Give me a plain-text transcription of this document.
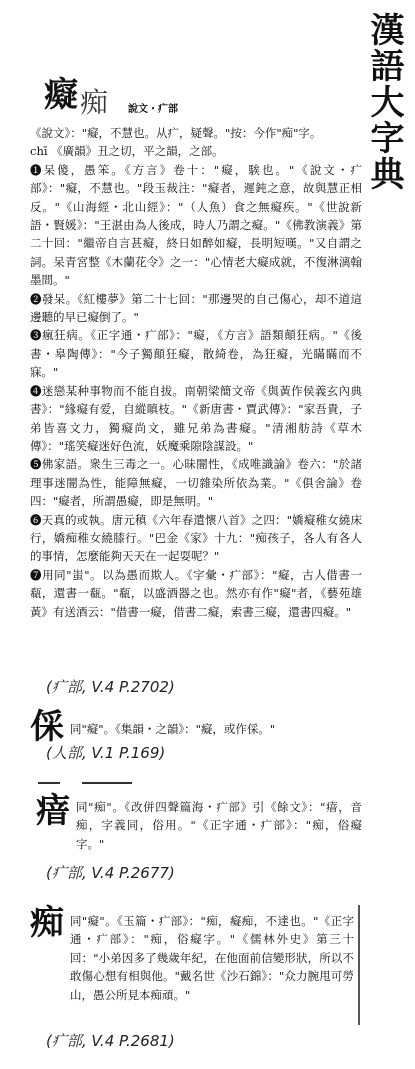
漢語大字典
癡 痴 說文・疒部
《說文》："癡，不慧也。从疒，疑聲。"按：今作"痴"字。
chī 《廣韻》丑之切，平之韻，之部。
❶呆傻，愚笨。《方言》卷十："癡，騃也。"《說文・疒部》："癡，不慧也。"段玉裁注："癡者，遲鈍之意，故與慧正相反。"《山海經・北山經》："（人魚）食之無癡疾。"《世說新語・賢媛》："王湛由為人後成，時人乃謂之癡。"《佛教演義》第二十回："繼帝自言甚癡，終日如醉如癡，長明短嘆。"又自謂之詞。呆青宮整《木蘭花令》之一："心情老大癡成就，不復淋漓翰墨間。"
❷發呆。《紅樓夢》第二十七回："那邊哭的自己傷心，却不道這邊聽的早已癡倒了。"
❸瘋狂病。《正字通・疒部》："癡，《方言》語類顛狂病。"《後書・皋陶傳》："今子獨顛狂癡，散綺卷，為狂癡，光瞞瞞而不寐。"
❹迷戀某种事物而不能自拔。南朝梁簡文帝《與黃作侯義玄內典書》："緣癡有爱，自縱瞋枝。"《新唐書・賈武傳》："家吾貴，子弟皆喜文力，獨癡尚文，雖兄弟為書癡。"清湘舫詩《草木傳》："瑤笑癡迷好色流，妖魔乘隙陰謀設。"
❺佛家語。衆生三毒之一。心昧闇性，《成唯識論》卷六："於諸理事迷闇為性，能障無癡，一切雜染所依為業。"《俱舍論》卷四："癡者，所謂愚癡，即是無明。"
❻天真的或執。唐元稹《六年春遣懷八首》之四："嬌癡稚女繞床行，嬌痴稚女繞膝行。"巴金《家》十九："痴孩子，各人有各人的事情，怎麼能夠天天在一起耍呢？"
❼用同"蚩"。以為愚而欺人。《字彙・疒部》："癡，古人借書一瓻，還書一瓻。"瓻，以盛酒器之也。然亦有作"癡"者，《藝苑雄黃》有送酒云："借書一癡，借書二癡，索書三癡，還書四癡。"
(疒部, V.4 P.2702)
倸 同"癡"。《集韻・之韻》："癡，或作倸。"
(人部, V.1 P.169)
瘖 同"痴"。《改併四聲篇海・疒部》引《餘文》："瘖，音痴，字義同，俗用。"《正字通・疒部》："痴，俗癡字。"
(疒部, V.4 P.2677)
痴 同"癡"。《玉篇・疒部》："痴，癡痴，不達也。"《正字通・疒部》："痴，俗癡字。"《儒林外史》第三十回："小弟因多了幾歲年紀，在他面前信變形狀，所以不敢傷心想有相與他。"戴名世《沙石錦》："众力腕甩可勞山，愚公所見本痴頑。"
(疒部, V.4 P.2681)
